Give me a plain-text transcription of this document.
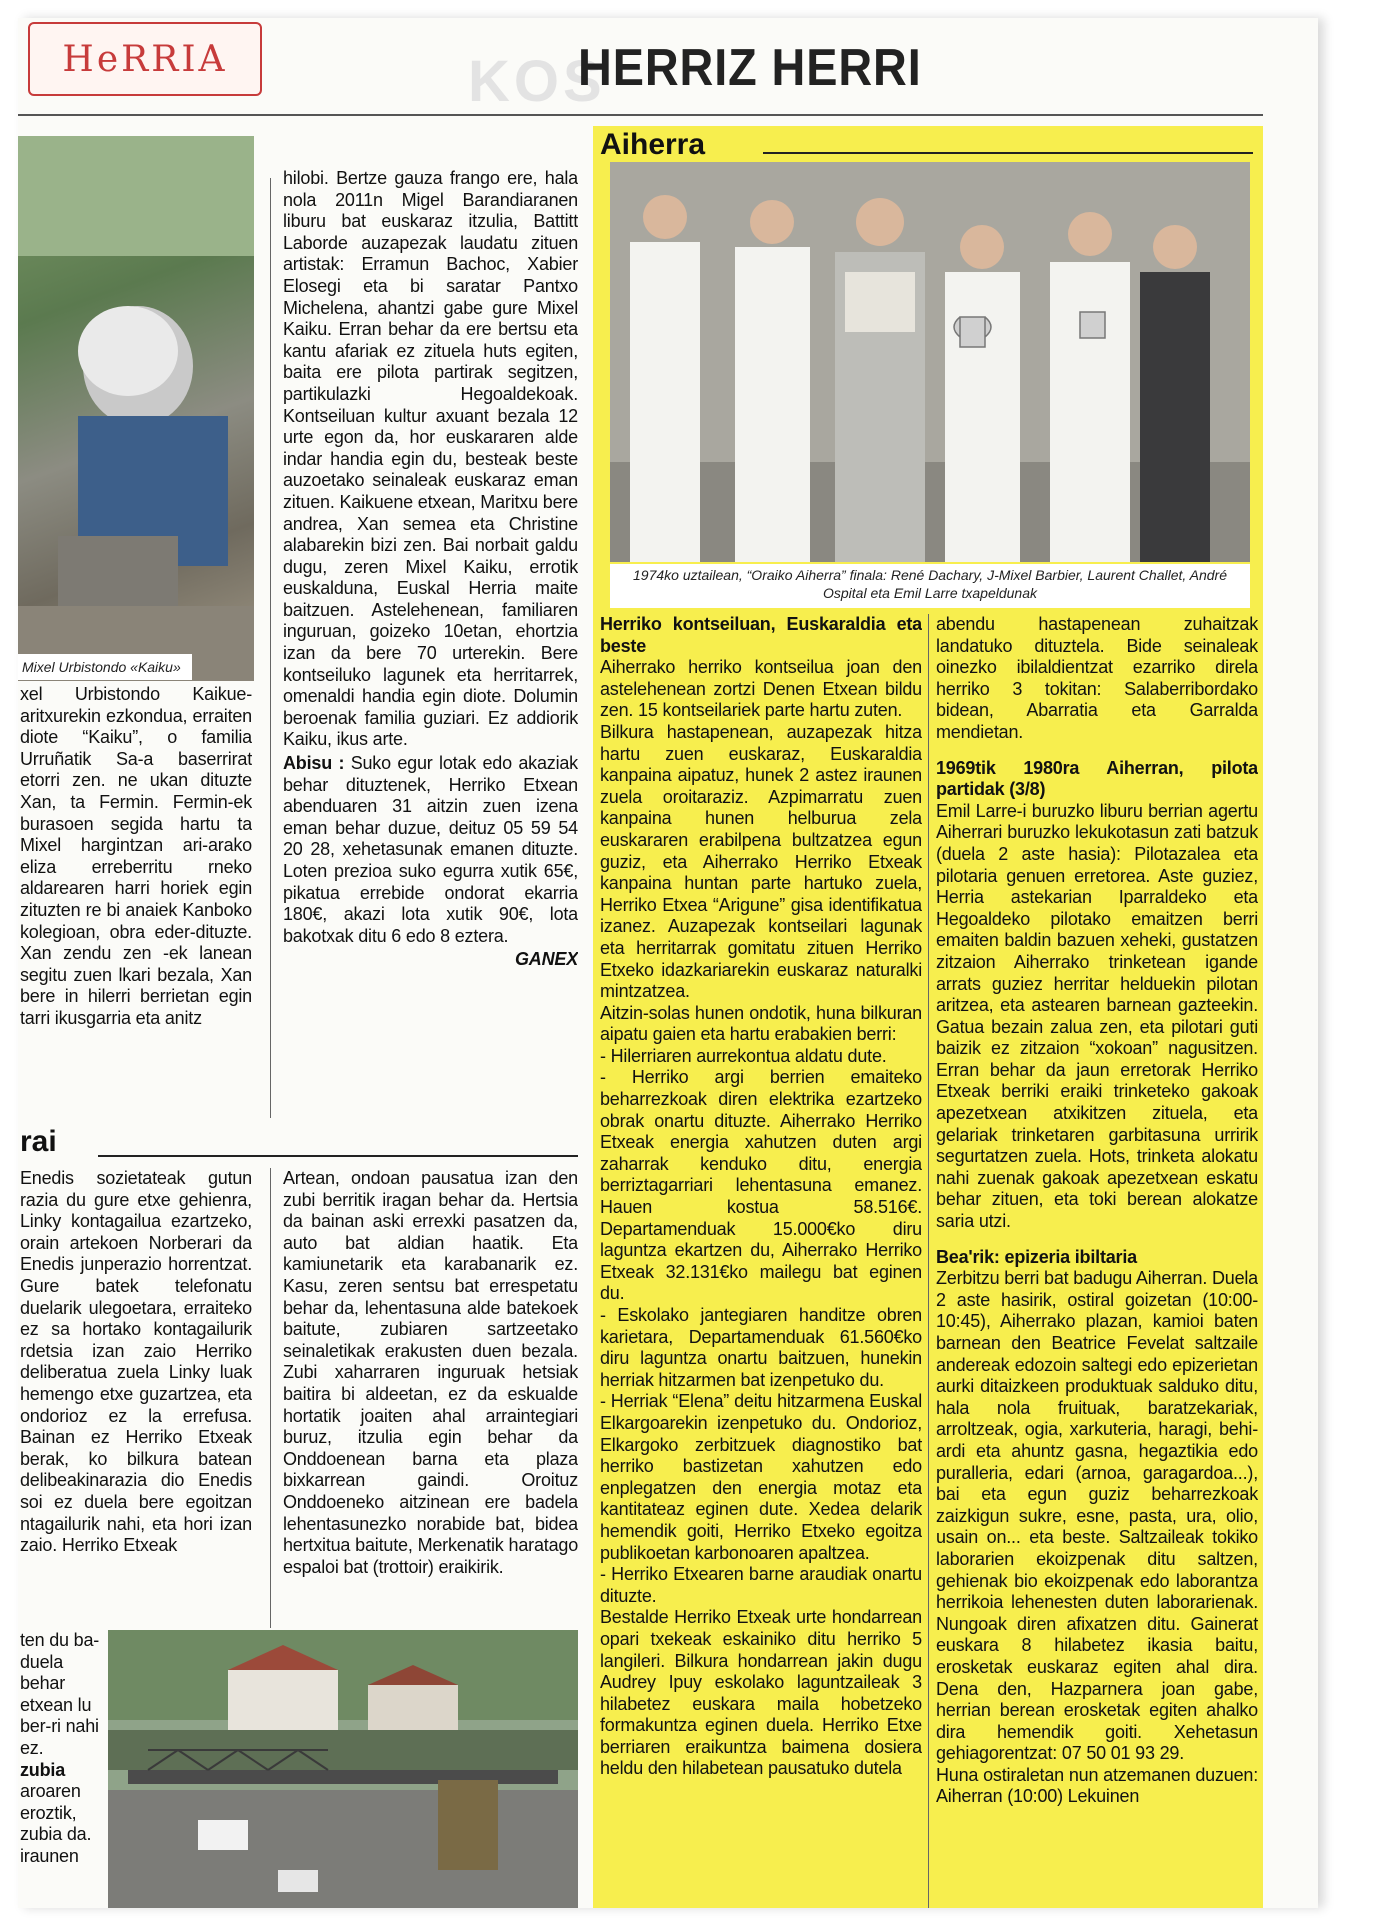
HeRRIA	KOS
HERRIZ HERRI
Mixel Urbistondo «Kaiku»

xel Urbistondo Kaikue-aritxurekin ezkondua, erraiten diote “Kaiku”, o familia Urruñatik Sa-a baserrirat etorri zen. ne ukan dituzte Xan, ta Fermin. Fermin-ek burasoen segida hartu ta Mixel hargintzan ari-arako eliza erreberritu rneko aldarearen harri horiek egin zituzten re bi anaiek Kanboko kolegioan, obra eder-dituzte. Xan zendu zen -ek lanean segitu zuen lkari bezala, Xan bere in hilerri berrietan egin tarri ikusgarria eta anitz

hilobi. Bertze gauza frango ere, hala nola 2011n Migel Barandiaranen liburu bat euskaraz itzulia, Battitt Laborde auzapezak laudatu zituen artistak: Erramun Bachoc, Xabier Elosegi eta bi saratar Pantxo Michelena, ahantzi gabe gure Mixel Kaiku. Erran behar da ere bertsu eta kantu afariak ez zituela huts egiten, baita ere pilota partirak segitzen, partikulazki Hegoaldekoak. Kontseiluan kultur axuant bezala 12 urte egon da, hor euskararen alde indar handia egin du, besteak beste auzoetako seinaleak euskaraz eman zituen. Kaikuene etxean, Maritxu bere andrea, Xan semea eta Christine alabarekin bizi zen. Bai norbait galdu dugu, zeren Mixel Kaiku, errotik euskalduna, Euskal Herria maite baitzuen. Astelehenean, familiaren inguruan, goizeko 10etan, ehortzia izan da bere 70 urterekin. Bere kontseiluko lagunek eta herritarrek, omenaldi handia egin diote. Dolumin beroenak familia guziari. Ez addiorik Kaiku, ikus arte.

Abisu : Suko egur lotak edo akaziak behar dituztenek, Herriko Etxean abenduaren 31 aitzin zuen izena eman behar duzue, deituz 05 59 54 20 28, xehetasunak emanen dituzte. Loten prezioa suko egurra xutik 65€, pikatua errebide ondorat ekarria 180€, akazi lota xutik 90€, lota bakotxak ditu 6 edo 8 eztera.

GANEX

rai

Enedis sozietateak gutun razia du gure etxe gehienra, Linky kontagailua ezartzeko, orain artekoen Norberari da Enedis junperazio horrentzat. Gure batek telefonatu duelarik ulegoetara, erraiteko ez sa hortako kontagailurik rdetsia izan zaio Herriko deliberatua zuela Linky luak hemengo etxe guzartzea, eta ondorioz ez la errefusa. Bainan ez Herriko Etxeak berak, ko bilkura batean delibeakinarazia dio Enedis soi ez duela bere egoitzan ntagailurik nahi, eta hori izan zaio. Herriko Etxeak

ten du ba-duela behar etxean lu ber-ri nahi ez.

zubia

aroaren eroztik, zubia da. iraunen

Artean, ondoan pausatua izan den zubi berritik iragan behar da. Hertsia da bainan aski errexki pasatzen da, auto bat aldian haatik. Eta kamiunetarik eta karabanarik ez. Kasu, zeren sentsu bat errespetatu behar da, lehentasuna alde batekoek baitute, zubiaren sartzeetako seinaletikak erakusten duen bezala. Zubi xaharraren inguruak hetsiak baitira bi aldeetan, ez da eskualde hortatik joaiten ahal arraintegiari buruz, itzulia egin behar da Onddoenean barna eta plaza bixkarrean gaindi. Oroituz Onddoeneko aitzinean ere badela lehentasunezko norabide bat, bidea hertxitua baitute, Merkenatik haratago espaloi bat (trottoir) eraikirik.

Aiherra
1974ko uztailean, “Oraiko Aiherra” finala: René Dachary, J-Mixel Barbier, Laurent Challet, André Ospital eta Emil Larre txapeldunak
Herriko kontseiluan, Euskaraldia eta beste

Aiherrako herriko kontseilua joan den astelehenean zortzi Denen Etxean bildu zen. 15 kontseilariek parte hartu zuten.

Bilkura hastapenean, auzapezak hitza hartu zuen euskaraz, Euskaraldia kanpaina aipatuz, hunek 2 astez iraunen zuela oroitaraziz. Azpimarratu zuen kanpaina hunen helburua zela euskararen erabilpena bultzatzea egun guziz, eta Aiherrako Herriko Etxeak kanpaina huntan parte hartuko zuela, Herriko Etxea “Arigune” gisa identifikatua izanez. Auzapezak kontseilari lagunak eta herritarrak gomitatu zituen Herriko Etxeko idazkariarekin euskaraz naturalki mintzatzea.

Aitzin-solas hunen ondotik, huna bilkuran aipatu gaien eta hartu erabakien berri:

- Hilerriaren aurrekontua aldatu dute.

- Herriko argi berrien emaiteko beharrezkoak diren elektrika ezartzeko obrak onartu dituzte. Aiherrako Herriko Etxeak energia xahutzen duten argi zaharrak kenduko ditu, energia berriztagarriari lehentasuna emanez. Hauen kostua 58.516€. Departamenduak 15.000€ko diru laguntza ekartzen du, Aiherrako Herriko Etxeak 32.131€ko mailegu bat eginen du.

- Eskolako jantegiaren handitze obren karietara, Departamenduak 61.560€ko diru laguntza onartu baitzuen, hunekin herriak hitzarmen bat izenpetuko du.

- Herriak “Elena” deitu hitzarmena Euskal Elkargoarekin izenpetuko du. Ondorioz, Elkargoko zerbitzuek diagnostiko bat herriko bastizetan xahutzen edo enplegatzen den energia motaz eta kantitateaz eginen dute. Xedea delarik hemendik goiti, Herriko Etxeko egoitza publikoetan karbonoaren apaltzea.

- Herriko Etxearen barne araudiak onartu dituzte.

Bestalde Herriko Etxeak urte hondarrean opari txekeak eskainiko ditu herriko 5 langileri. Bilkura hondarrean jakin dugu Audrey Ipuy eskolako laguntzaileak 3 hilabetez euskara maila hobetzeko formakuntza eginen duela. Herriko Etxe berriaren eraikuntza baimena dosiera heldu den hilabetean pausatuko dutela

abendu hastapenean zuhaitzak landatuko dituztela. Bide seinaleak oinezko ibilaldientzat ezarriko direla herriko 3 tokitan: Salaberribordako bidean, Abarratia eta Garralda mendietan.

1969tik 1980ra Aiherran, pilota partidak (3/8)

Emil Larre-i buruzko liburu berrian agertu Aiherrari buruzko lekukotasun zati batzuk (duela 2 aste hasia): Pilotazalea eta pilotaria genuen erretorea. Aste guziez, Herria astekarian Iparraldeko eta Hegoaldeko pilotako emaitzen berri emaiten baldin bazuen xeheki, gustatzen zitzaion Aiherrako trinketean igande arrats guziez herritar helduekin pilotan aritzea, eta astearen barnean gazteekin. Gatua bezain zalua zen, eta pilotari guti baizik ez zitzaion “xokoan” nagusitzen. Erran behar da jaun erretorak Herriko Etxeak berriki eraiki trinketeko gakoak apezetxean atxikitzen zituela, eta gelariak trinketaren garbitasuna urririk segurtatzen zuela. Hots, trinketa alokatu nahi zuenak gakoak apezetxean eskatu behar zituen, eta toki berean alokatze saria utzi.

Bea'rik: epizeria ibiltaria

Zerbitzu berri bat badugu Aiherran. Duela 2 aste hasirik, ostiral goizetan (10:00-10:45), Aiherrako plazan, kamioi baten barnean den Beatrice Fevelat saltzaile andereak edozoin saltegi edo epizerietan aurki ditaizkeen produktuak salduko ditu, hala nola fruituak, baratzekariak, arroltzeak, ogia, xarkuteria, haragi, behi-ardi eta ahuntz gasna, hegaztikia edo puralleria, edari (arnoa, garagardoa...), bai eta egun guziz beharrezkoak zaizkigun sukre, esne, pasta, ura, olio, usain on... eta beste. Saltzaileak tokiko laborarien ekoizpenak ditu saltzen, gehienak bio ekoizpenak edo laborantza herrikoia lehenesten duten laborarienak. Nungoak diren afixatzen ditu. Gainerat euskara 8 hilabetez ikasia baitu, erosketak euskaraz egiten ahal dira. Dena den, Hazparnera joan gabe, herrian berean erosketak egiten ahalko dira hemendik goiti. Xehetasun gehiagorentzat: 07 50 01 93 29.

Huna ostiraletan nun atzemanen duzuen: Aiherran (10:00) Lekuinen
